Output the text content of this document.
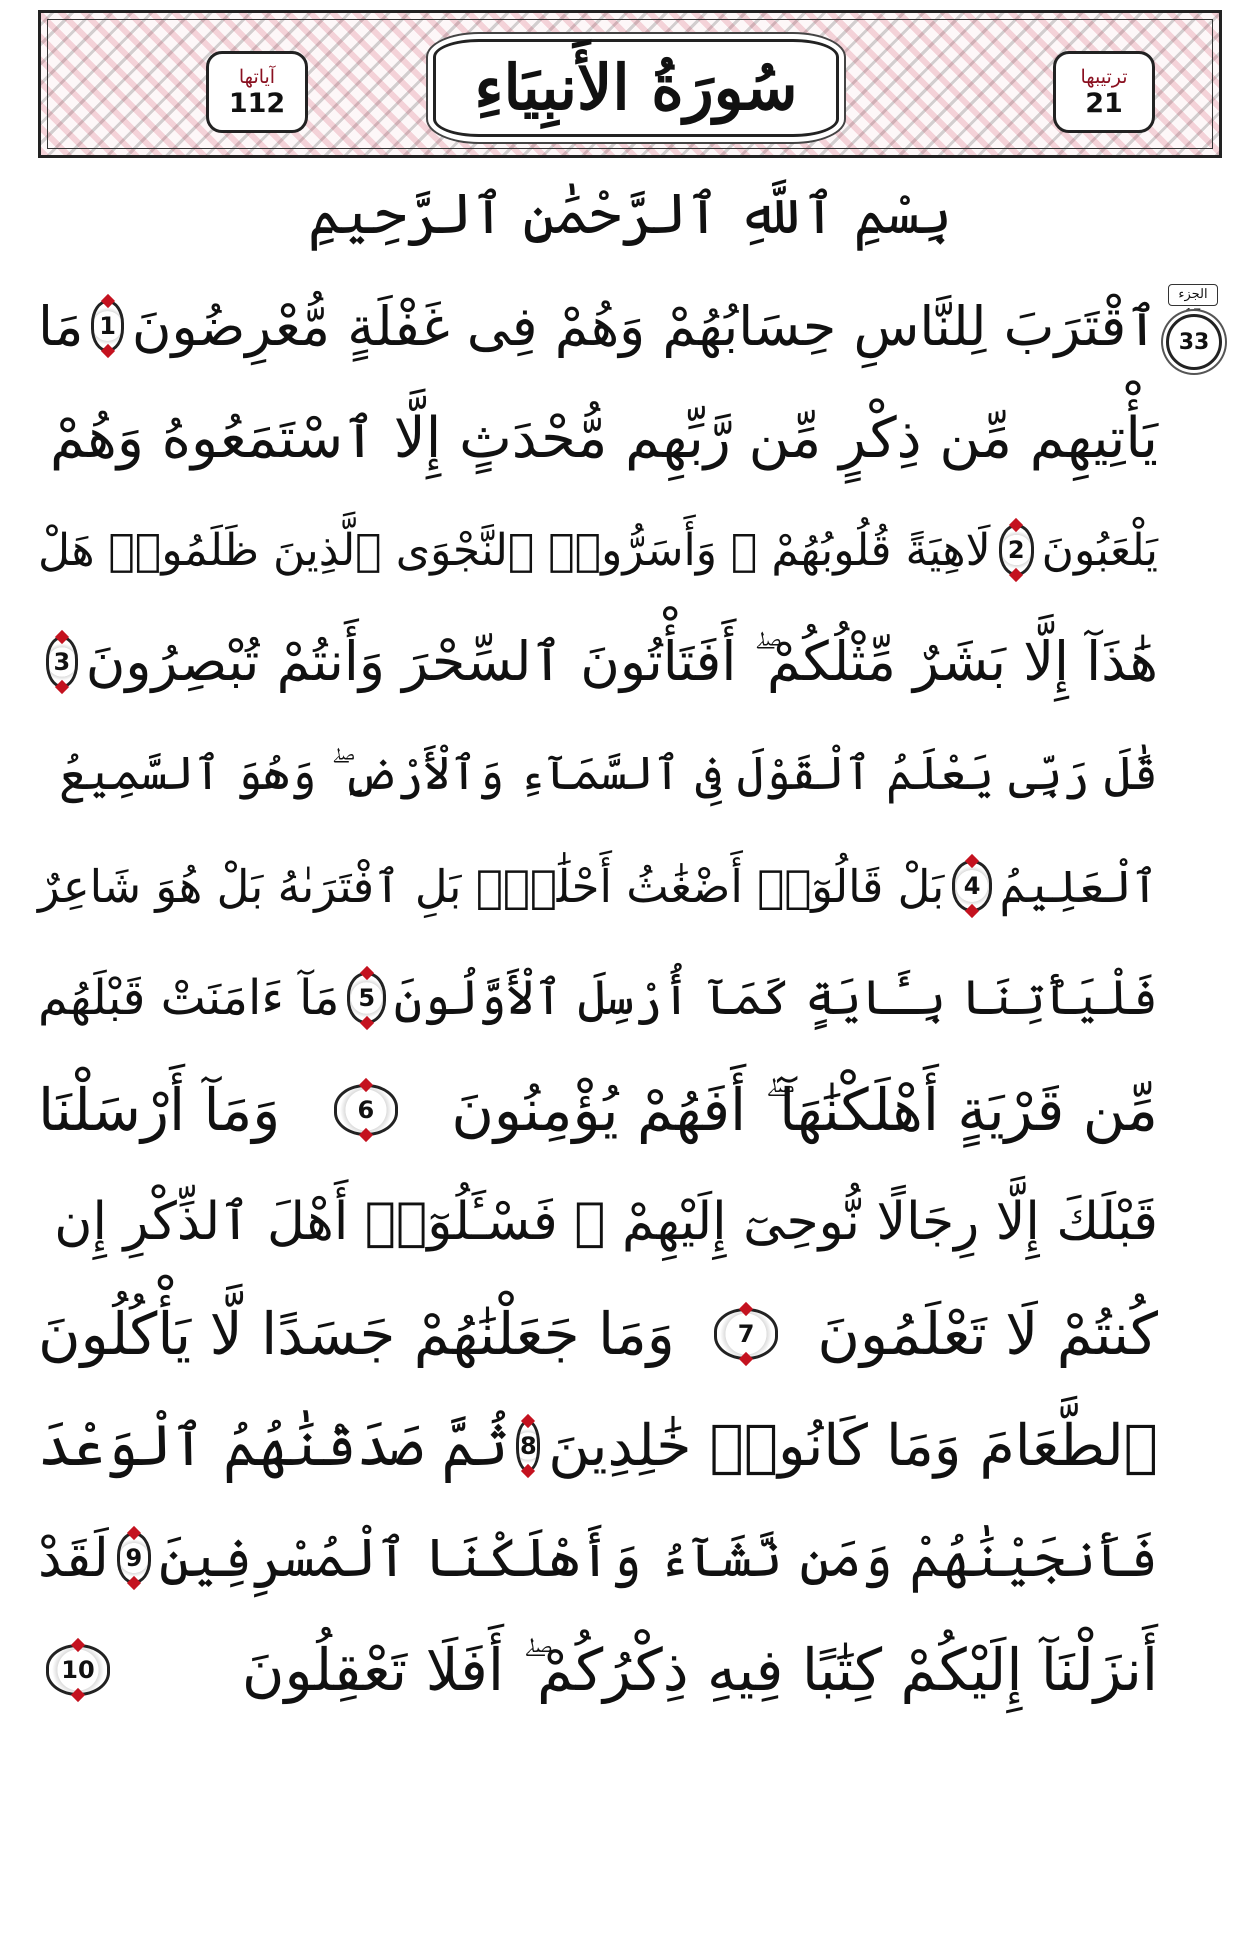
آياتها
112	سُورَةُ الأَنبِيَاءِ	ترتيبها
21
بِسْمِ ٱللَّهِ ٱلرَّحْمَٰنِ ٱلرَّحِيمِ
الجزء
33
ٱقْتَرَبَ لِلنَّاسِ حِسَابُهُمْ وَهُمْ فِى غَفْلَةٍ مُّعْرِضُونَ
1
مَا
يَأْتِيهِم مِّن ذِكْرٍ مِّن رَّبِّهِم مُّحْدَثٍ إِلَّا ٱسْتَمَعُوهُ وَهُمْ
يَلْعَبُونَ
2
لَاهِيَةً قُلُوبُهُمْ ۗ وَأَسَرُّوا۟ ٱلنَّجْوَى ٱلَّذِينَ ظَلَمُوا۟ هَلْ
هَٰذَآ إِلَّا بَشَرٌ مِّثْلُكُمْ ۖ أَفَتَأْتُونَ ٱلسِّحْرَ وَأَنتُمْ تُبْصِرُونَ
3
قَٰلَ رَبِّى يَعْلَمُ ٱلْقَوْلَ فِى ٱلسَّمَآءِ وَٱلْأَرْضِ ۖ وَهُوَ ٱلسَّمِيعُ
ٱلْعَلِيمُ
4
بَلْ قَالُوٓا۟ أَضْغَٰثُ أَحْلَٰمٍۭ بَلِ ٱفْتَرَىٰهُ بَلْ هُوَ شَاعِرٌ
فَلْيَأْتِنَا بِـَٔايَةٍ كَمَآ أُرْسِلَ ٱلْأَوَّلُونَ
5
مَآ ءَامَنَتْ قَبْلَهُم
مِّن قَرْيَةٍ أَهْلَكْنَٰهَآ ۖ أَفَهُمْ يُؤْمِنُونَ
6
وَمَآ أَرْسَلْنَا
قَبْلَكَ إِلَّا رِجَالًا نُّوحِىٓ إِلَيْهِمْ ۖ فَسْـَٔلُوٓا۟ أَهْلَ ٱلذِّكْرِ إِن
كُنتُمْ لَا تَعْلَمُونَ
7
وَمَا جَعَلْنَٰهُمْ جَسَدًا لَّا يَأْكُلُونَ
ٱلطَّعَامَ وَمَا كَانُوا۟ خَٰلِدِينَ
8
ثُمَّ صَدَقْنَٰهُمُ ٱلْوَعْدَ
فَأَنجَيْنَٰهُمْ وَمَن نَّشَآءُ وَأَهْلَكْنَا ٱلْمُسْرِفِينَ
9
لَقَدْ
أَنزَلْنَآ إِلَيْكُمْ كِتَٰبًا فِيهِ ذِكْرُكُمْ ۖ أَفَلَا تَعْقِلُونَ
10
